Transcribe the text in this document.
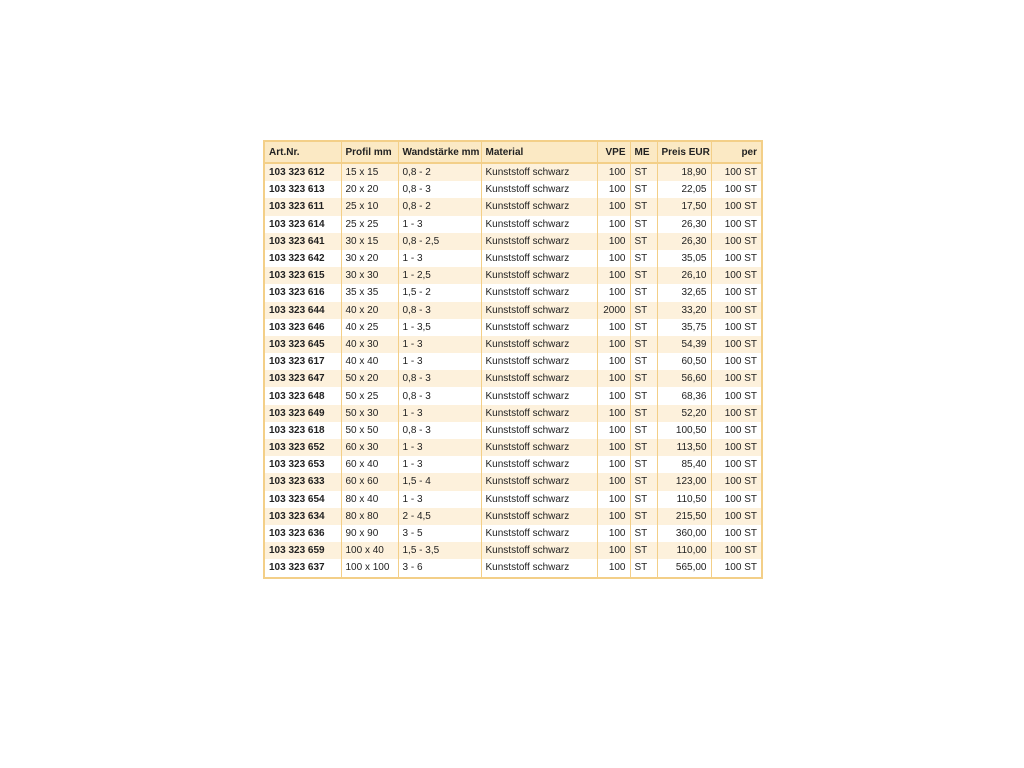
Art.Nr.	Profil mm	Wandstärke mm	Material	VPE	ME	Preis EUR	per
103 323 612	15 x 15	0,8 - 2	Kunststoff schwarz	100	ST	18,90	100 ST
103 323 613	20 x 20	0,8 - 3	Kunststoff schwarz	100	ST	22,05	100 ST
103 323 611	25 x 10	0,8 - 2	Kunststoff schwarz	100	ST	17,50	100 ST
103 323 614	25 x 25	1 - 3	Kunststoff schwarz	100	ST	26,30	100 ST
103 323 641	30 x 15	0,8 - 2,5	Kunststoff schwarz	100	ST	26,30	100 ST
103 323 642	30 x 20	1 - 3	Kunststoff schwarz	100	ST	35,05	100 ST
103 323 615	30 x 30	1 - 2,5	Kunststoff schwarz	100	ST	26,10	100 ST
103 323 616	35 x 35	1,5 - 2	Kunststoff schwarz	100	ST	32,65	100 ST
103 323 644	40 x 20	0,8 - 3	Kunststoff schwarz	2000	ST	33,20	100 ST
103 323 646	40 x 25	1 - 3,5	Kunststoff schwarz	100	ST	35,75	100 ST
103 323 645	40 x 30	1 - 3	Kunststoff schwarz	100	ST	54,39	100 ST
103 323 617	40 x 40	1 - 3	Kunststoff schwarz	100	ST	60,50	100 ST
103 323 647	50 x 20	0,8 - 3	Kunststoff schwarz	100	ST	56,60	100 ST
103 323 648	50 x 25	0,8 - 3	Kunststoff schwarz	100	ST	68,36	100 ST
103 323 649	50 x 30	1 - 3	Kunststoff schwarz	100	ST	52,20	100 ST
103 323 618	50 x 50	0,8 - 3	Kunststoff schwarz	100	ST	100,50	100 ST
103 323 652	60 x 30	1 - 3	Kunststoff schwarz	100	ST	113,50	100 ST
103 323 653	60 x 40	1 - 3	Kunststoff schwarz	100	ST	85,40	100 ST
103 323 633	60 x 60	1,5 - 4	Kunststoff schwarz	100	ST	123,00	100 ST
103 323 654	80 x 40	1 - 3	Kunststoff schwarz	100	ST	110,50	100 ST
103 323 634	80 x 80	2 - 4,5	Kunststoff schwarz	100	ST	215,50	100 ST
103 323 636	90 x 90	3 - 5	Kunststoff schwarz	100	ST	360,00	100 ST
103 323 659	100 x 40	1,5 - 3,5	Kunststoff schwarz	100	ST	110,00	100 ST
103 323 637	100 x 100	3 - 6	Kunststoff schwarz	100	ST	565,00	100 ST
